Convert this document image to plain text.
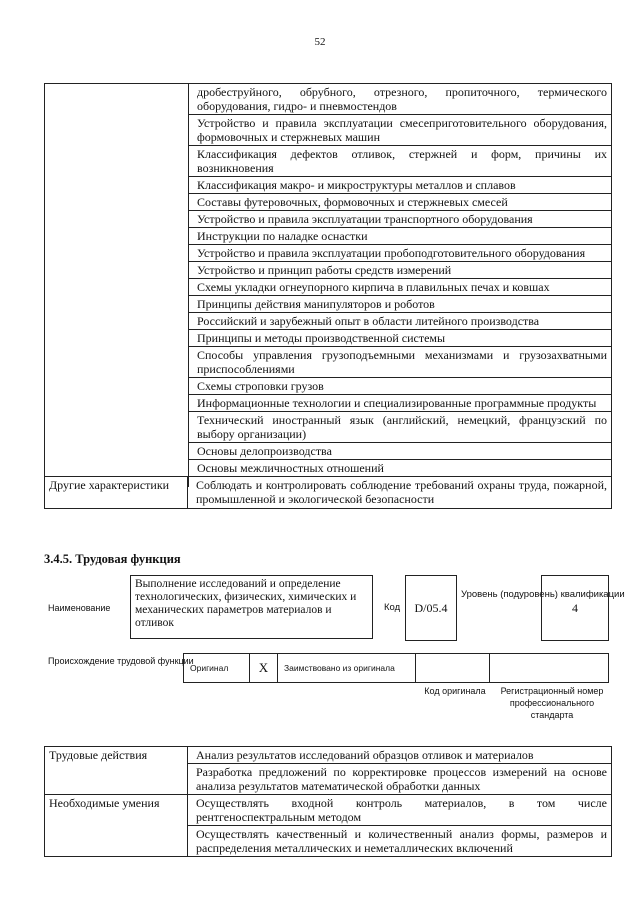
52
дробеструйного, обрубного, отрезного, пропиточного, термического оборудования, гидро- и пневмостендов
Устройство и правила эксплуатации смесеприготовительного оборудования, формовочных и стержневых машин
Классификация дефектов отливок, стержней и форм, причины их возникновения
Классификация макро- и микроструктуры металлов и сплавов
Составы футеровочных, формовочных и стержневых смесей
Устройство и правила эксплуатации транспортного оборудования
Инструкции по наладке оснастки
Устройство и правила эксплуатации пробоподготовительного оборудования
Устройство и принцип работы средств измерений
Схемы укладки огнеупорного кирпича в плавильных печах и ковшах
Принципы действия манипуляторов и роботов
Российский и зарубежный опыт в области литейного производства
Принципы и методы производственной системы
Способы управления грузоподъемными механизмами и грузозахватными приспособлениями
Схемы строповки грузов
Информационные технологии и специализированные программные продукты
Технический иностранный язык (английский, немецкий, французский по выбору организации)
Основы делопроизводства
Основы межличностных отношений
Другие характеристики	Соблюдать и контролировать соблюдение требований охраны труда, пожарной, промышленной и экологической безопасности
3.4.5. Трудовая функция
Наименование
Выполнение исследований и определение технологических, физических, химических и механических параметров материалов и отливок
Код	D/05.4
Уровень (подуровень) квалификации
4
Происхождение трудовой функции
Оригинал	X	Заимствовано из оригинала
Код оригинала	Регистрационный номер профессионального стандарта
Трудовые действия	Анализ результатов исследований образцов отливок и материалов
Разработка предложений по корректировке процессов измерений на основе анализа результатов математической обработки данных
Необходимые умения	Осуществлять входной контроль материалов, в том числе рентгеноспектральным методом
Осуществлять качественный и количественный анализ формы, размеров и распределения металлических и неметаллических включений
